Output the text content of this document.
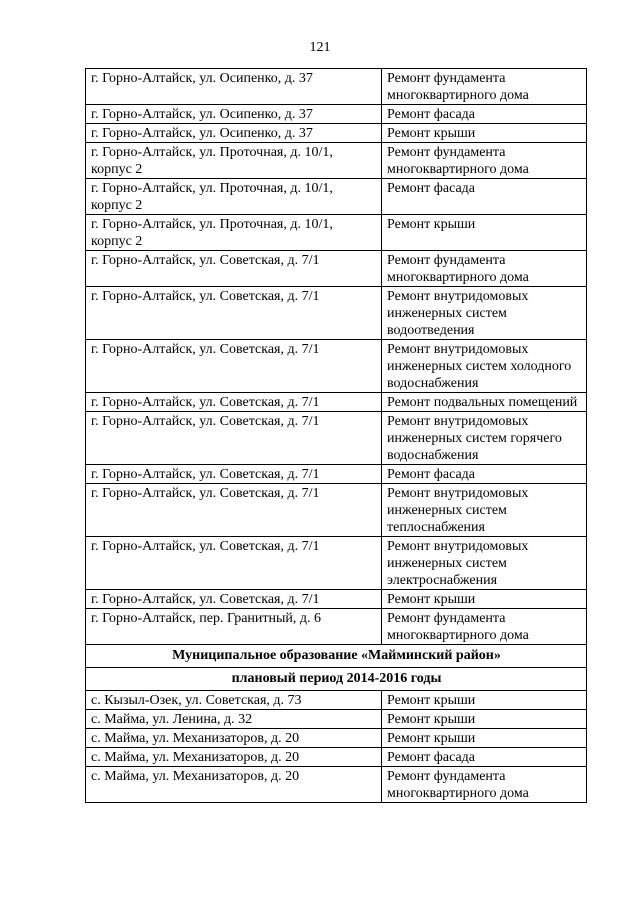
121
г. Горно-Алтайск, ул. Осипенко, д. 37	Ремонт фундамента многоквартирного дома
г. Горно-Алтайск, ул. Осипенко, д. 37	Ремонт фасада
г. Горно-Алтайск, ул. Осипенко, д. 37	Ремонт крыши
г. Горно-Алтайск, ул. Проточная, д. 10/1, корпус 2	Ремонт фундамента многоквартирного дома
г. Горно-Алтайск, ул. Проточная, д. 10/1, корпус 2	Ремонт фасада
г. Горно-Алтайск, ул. Проточная, д. 10/1, корпус 2	Ремонт крыши
г. Горно-Алтайск, ул. Советская, д. 7/1	Ремонт фундамента многоквартирного дома
г. Горно-Алтайск, ул. Советская, д. 7/1	Ремонт внутридомовых инженерных систем водоотведения
г. Горно-Алтайск, ул. Советская, д. 7/1	Ремонт внутридомовых инженерных систем холодного водоснабжения
г. Горно-Алтайск, ул. Советская, д. 7/1	Ремонт подвальных помещений
г. Горно-Алтайск, ул. Советская, д. 7/1	Ремонт внутридомовых инженерных систем горячего водоснабжения
г. Горно-Алтайск, ул. Советская, д. 7/1	Ремонт фасада
г. Горно-Алтайск, ул. Советская, д. 7/1	Ремонт внутридомовых инженерных систем теплоснабжения
г. Горно-Алтайск, ул. Советская, д. 7/1	Ремонт внутридомовых инженерных систем электроснабжения
г. Горно-Алтайск, ул. Советская, д. 7/1	Ремонт крыши
г. Горно-Алтайск, пер. Гранитный, д. 6	Ремонт фундамента многоквартирного дома
Муниципальное образование «Майминский район»	
плановый период 2014-2016 годы	
с. Кызыл-Озек, ул. Советская, д. 73	Ремонт крыши
с. Майма, ул. Ленина, д. 32	Ремонт крыши
с. Майма, ул. Механизаторов, д. 20	Ремонт крыши
с. Майма, ул. Механизаторов, д. 20	Ремонт фасада
с. Майма, ул. Механизаторов, д. 20	Ремонт фундамента многоквартирного дома
